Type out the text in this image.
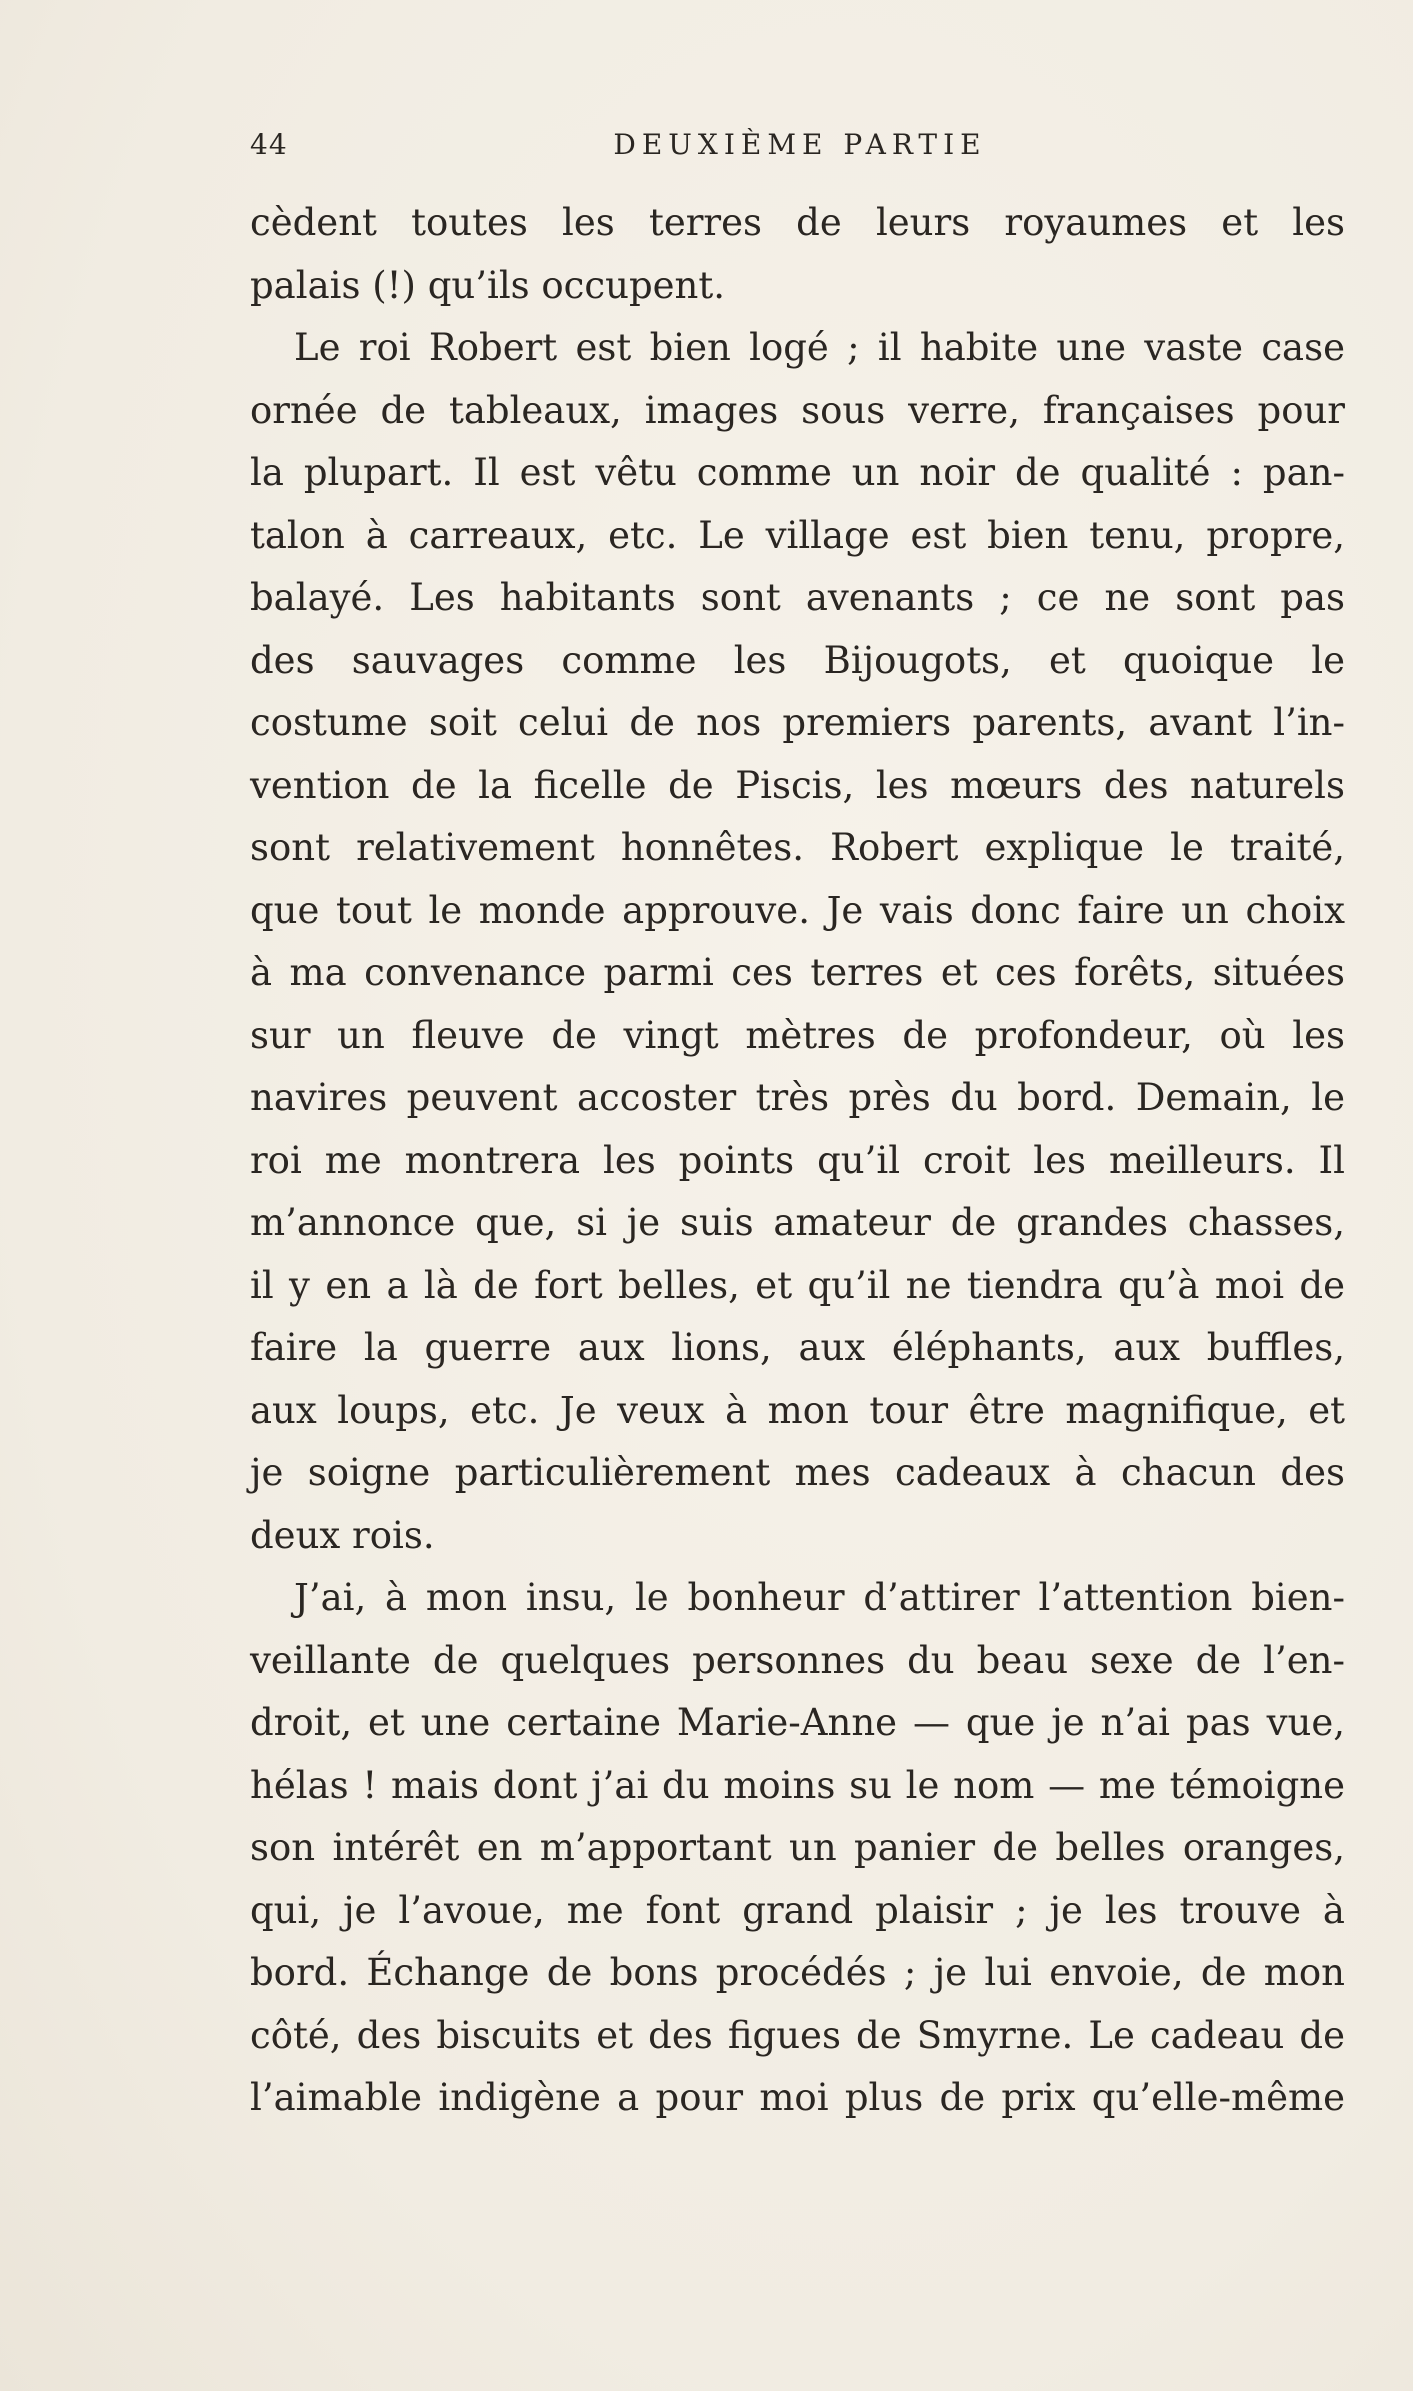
44	DEUXIÈME PARTIE
cèdent toutes les terres de leurs royaumes et les
palais (!) qu’ils occupent.
Le roi Robert est bien logé ; il habite une vaste case
ornée de tableaux, images sous verre, françaises pour
la plupart. Il est vêtu comme un noir de qualité : pan-
talon à carreaux, etc. Le village est bien tenu, propre,
balayé. Les habitants sont avenants ; ce ne sont pas
des sauvages comme les Bijougots, et quoique le
costume soit celui de nos premiers parents, avant l’in-
vention de la ficelle de Piscis, les mœurs des naturels
sont relativement honnêtes. Robert explique le traité,
que tout le monde approuve. Je vais donc faire un choix
à ma convenance parmi ces terres et ces forêts, situées
sur un fleuve de vingt mètres de profondeur, où les
navires peuvent accoster très près du bord. Demain, le
roi me montrera les points qu’il croit les meilleurs. Il
m’annonce que, si je suis amateur de grandes chasses,
il y en a là de fort belles, et qu’il ne tiendra qu’à moi de
faire la guerre aux lions, aux éléphants, aux buffles,
aux loups, etc. Je veux à mon tour être magnifique, et
je soigne particulièrement mes cadeaux à chacun des
deux rois.
J’ai, à mon insu, le bonheur d’attirer l’attention bien-
veillante de quelques personnes du beau sexe de l’en-
droit, et une certaine Marie-Anne — que je n’ai pas vue,
hélas ! mais dont j’ai du moins su le nom — me témoigne
son intérêt en m’apportant un panier de belles oranges,
qui, je l’avoue, me font grand plaisir ; je les trouve à
bord. Échange de bons procédés ; je lui envoie, de mon
côté, des biscuits et des figues de Smyrne. Le cadeau de
l’aimable indigène a pour moi plus de prix qu’elle-même
